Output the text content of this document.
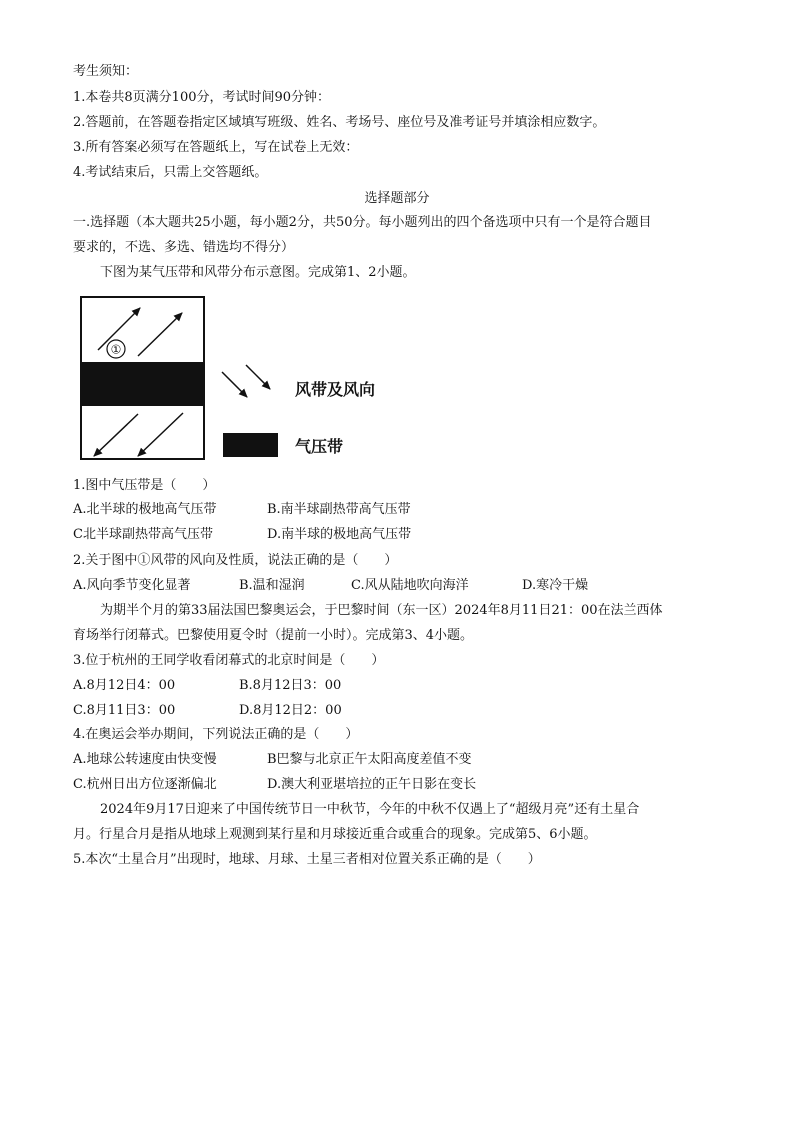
考生须知：
1.本卷共8页满分100分，考试时间90分钟：
2.答题前，在答题卷指定区域填写班级、姓名、考场号、座位号及准考证号并填涂相应数字。
3.所有答案必须写在答题纸上，写在试卷上无效：
4.考试结束后，只需上交答题纸。
选择题部分
一.选择题（本大题共25小题，每小题2分，共50分。每小题列出的四个备选项中只有一个是符合题目
要求的，不选、多选、错选均不得分）
下图为某气压带和风带分布示意图。完成第1、2小题。
①
风带及风向
气压带
1.图中气压带是（　　）
A.北半球的极地高气压带	B.南半球副热带高气压带
C北半球副热带高气压带	D.南半球的极地高气压带
2.关于图中①风带的风向及性质，说法正确的是（　　）
A.风向季节变化显著	B.温和湿润	C.风从陆地吹向海洋	D.寒冷干燥
为期半个月的第33届法国巴黎奥运会，于巴黎时间（东一区）2024年8月11日21：00在法兰西体
育场举行闭幕式。巴黎使用夏令时（提前一小时）。完成第3、4小题。
3.位于杭州的王同学收看闭幕式的北京时间是（　　）
A.8月12日4：00	B.8月12日3：00
C.8月11日3：00	D.8月12日2：00
4.在奥运会举办期间，下列说法正确的是（　　）
A.地球公转速度由快变慢	B巴黎与北京正午太阳高度差值不变
C.杭州日出方位逐渐偏北	D.澳大利亚堪培拉的正午日影在变长
2024年9月17日迎来了中国传统节日一中秋节，今年的中秋不仅遇上了“超级月亮”还有土星合
月。行星合月是指从地球上观测到某行星和月球接近重合或重合的现象。完成第5、6小题。
5.本次“土星合月”出现时，地球、月球、土星三者相对位置关系正确的是（　　）
